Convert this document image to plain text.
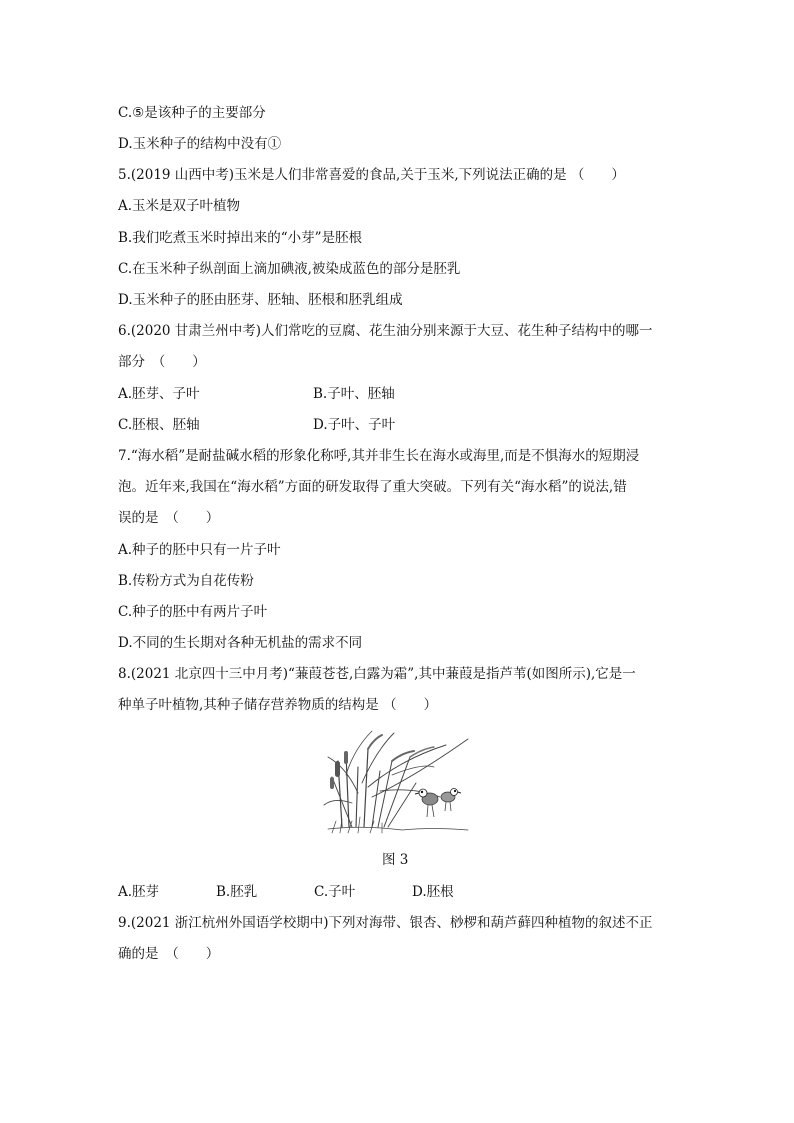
C.⑤是该种子的主要部分
D.玉米种子的结构中没有①
5.(2019 山西中考)玉米是人们非常喜爱的食品,关于玉米,下列说法正确的是 （　　）
A.玉米是双子叶植物
B.我们吃煮玉米时掉出来的“小芽”是胚根
C.在玉米种子纵剖面上滴加碘液,被染成蓝色的部分是胚乳
D.玉米种子的胚由胚芽、胚轴、胚根和胚乳组成
6.(2020 甘肃兰州中考)人们常吃的豆腐、花生油分别来源于大豆、花生种子结构中的哪一
部分　（　　）
A.胚芽、子叶	B.子叶、胚轴
C.胚根、胚轴	D.子叶、子叶
7.“海水稻”是耐盐碱水稻的形象化称呼,其并非生长在海水或海里,而是不惧海水的短期浸
泡。近年来,我国在“海水稻”方面的研发取得了重大突破。下列有关“海水稻”的说法,错
误的是　（　　）
A.种子的胚中只有一片子叶
B.传粉方式为自花传粉
C.种子的胚中有两片子叶
D.不同的生长期对各种无机盐的需求不同
8.(2021 北京四十三中月考)“蒹葭苍苍,白露为霜”,其中蒹葭是指芦苇(如图所示),它是一
种单子叶植物,其种子储存营养物质的结构是 （　　）
图 3
A.胚芽	B.胚乳	C.子叶	D.胚根
9.(2021 浙江杭州外国语学校期中)下列对海带、银杏、桫椤和葫芦藓四种植物的叙述不正
确的是　（　　）
